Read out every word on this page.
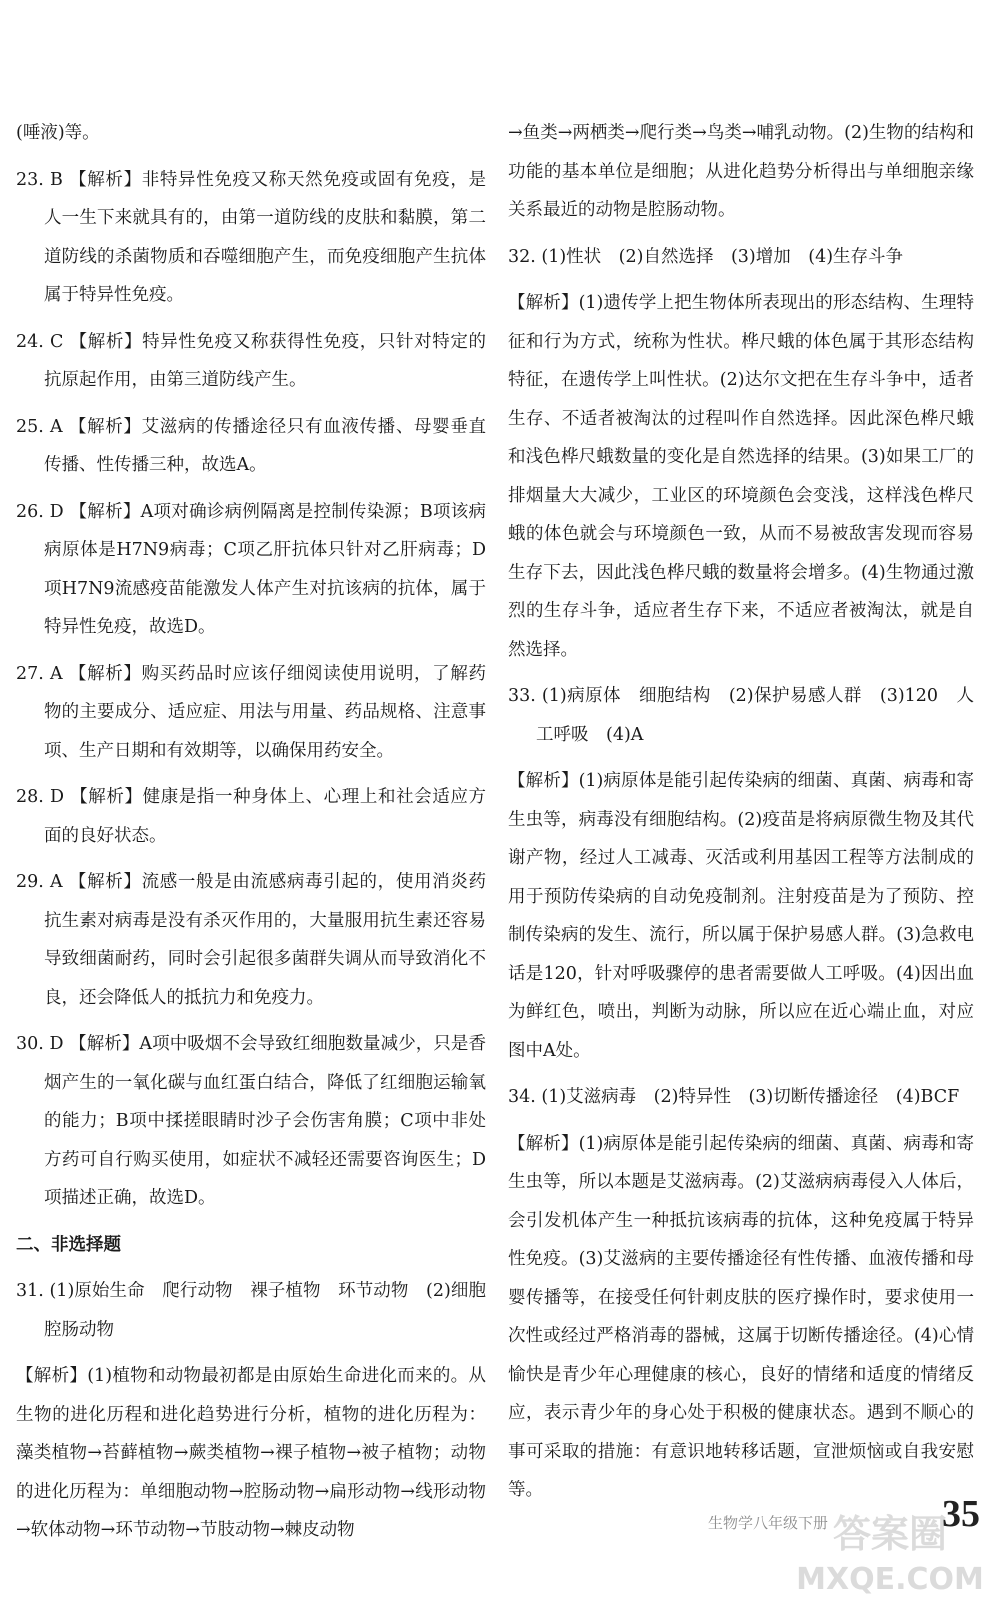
(唾液)等。

23. B 【解析】非特异性免疫又称天然免疫或固有免疫，是人一生下来就具有的，由第一道防线的皮肤和黏膜，第二道防线的杀菌物质和吞噬细胞产生，而免疫细胞产生抗体属于特异性免疫。

24. C 【解析】特异性免疫又称获得性免疫，只针对特定的抗原起作用，由第三道防线产生。

25. A 【解析】艾滋病的传播途径只有血液传播、母婴垂直传播、性传播三种，故选A。

26. D 【解析】A项对确诊病例隔离是控制传染源；B项该病病原体是H7N9病毒；C项乙肝抗体只针对乙肝病毒；D项H7N9流感疫苗能激发人体产生对抗该病的抗体，属于特异性免疫，故选D。

27. A 【解析】购买药品时应该仔细阅读使用说明，了解药物的主要成分、适应症、用法与用量、药品规格、注意事项、生产日期和有效期等，以确保用药安全。

28. D 【解析】健康是指一种身体上、心理上和社会适应方面的良好状态。

29. A 【解析】流感一般是由流感病毒引起的，使用消炎药抗生素对病毒是没有杀灭作用的，大量服用抗生素还容易导致细菌耐药，同时会引起很多菌群失调从而导致消化不良，还会降低人的抵抗力和免疫力。

30. D 【解析】A项中吸烟不会导致红细胞数量减少，只是香烟产生的一氧化碳与血红蛋白结合，降低了红细胞运输氧的能力；B项中揉搓眼睛时沙子会伤害角膜；C项中非处方药可自行购买使用，如症状不减轻还需要咨询医生；D项描述正确，故选D。

二、非选择题

31. (1)原始生命　爬行动物　裸子植物　环节动物　(2)细胞　腔肠动物

【解析】(1)植物和动物最初都是由原始生命进化而来的。从生物的进化历程和进化趋势进行分析，植物的进化历程为：藻类植物→苔藓植物→蕨类植物→裸子植物→被子植物；动物的进化历程为：单细胞动物→腔肠动物→扁形动物→线形动物→软体动物→环节动物→节肢动物→棘皮动物

→鱼类→两栖类→爬行类→鸟类→哺乳动物。(2)生物的结构和功能的基本单位是细胞；从进化趋势分析得出与单细胞亲缘关系最近的动物是腔肠动物。

32. (1)性状　(2)自然选择　(3)增加　(4)生存斗争

【解析】(1)遗传学上把生物体所表现出的形态结构、生理特征和行为方式，统称为性状。桦尺蛾的体色属于其形态结构特征，在遗传学上叫性状。(2)达尔文把在生存斗争中，适者生存、不适者被淘汰的过程叫作自然选择。因此深色桦尺蛾和浅色桦尺蛾数量的变化是自然选择的结果。(3)如果工厂的排烟量大大减少，工业区的环境颜色会变浅，这样浅色桦尺蛾的体色就会与环境颜色一致，从而不易被敌害发现而容易生存下去，因此浅色桦尺蛾的数量将会增多。(4)生物通过激烈的生存斗争，适应者生存下来，不适应者被淘汰，就是自然选择。

33. (1)病原体　细胞结构　(2)保护易感人群　(3)120　人工呼吸　(4)A

【解析】(1)病原体是能引起传染病的细菌、真菌、病毒和寄生虫等，病毒没有细胞结构。(2)疫苗是将病原微生物及其代谢产物，经过人工减毒、灭活或利用基因工程等方法制成的用于预防传染病的自动免疫制剂。注射疫苗是为了预防、控制传染病的发生、流行，所以属于保护易感人群。(3)急救电话是120，针对呼吸骤停的患者需要做人工呼吸。(4)因出血为鲜红色，喷出，判断为动脉，所以应在近心端止血，对应图中A处。

34. (1)艾滋病毒　(2)特异性　(3)切断传播途径　(4)BCF

【解析】(1)病原体是能引起传染病的细菌、真菌、病毒和寄生虫等，所以本题是艾滋病毒。(2)艾滋病病毒侵入人体后，会引发机体产生一种抵抗该病毒的抗体，这种免疫属于特异性免疫。(3)艾滋病的主要传播途径有性传播、血液传播和母婴传播等，在接受任何针刺皮肤的医疗操作时，要求使用一次性或经过严格消毒的器械，这属于切断传播途径。(4)心情愉快是青少年心理健康的核心，良好的情绪和适度的情绪反应，表示青少年的身心处于积极的健康状态。遇到不顺心的事可采取的措施：有意识地转移话题，宣泄烦恼或自我安慰等。

生物学八年级下册	35
答案圈
MXQE.COM
